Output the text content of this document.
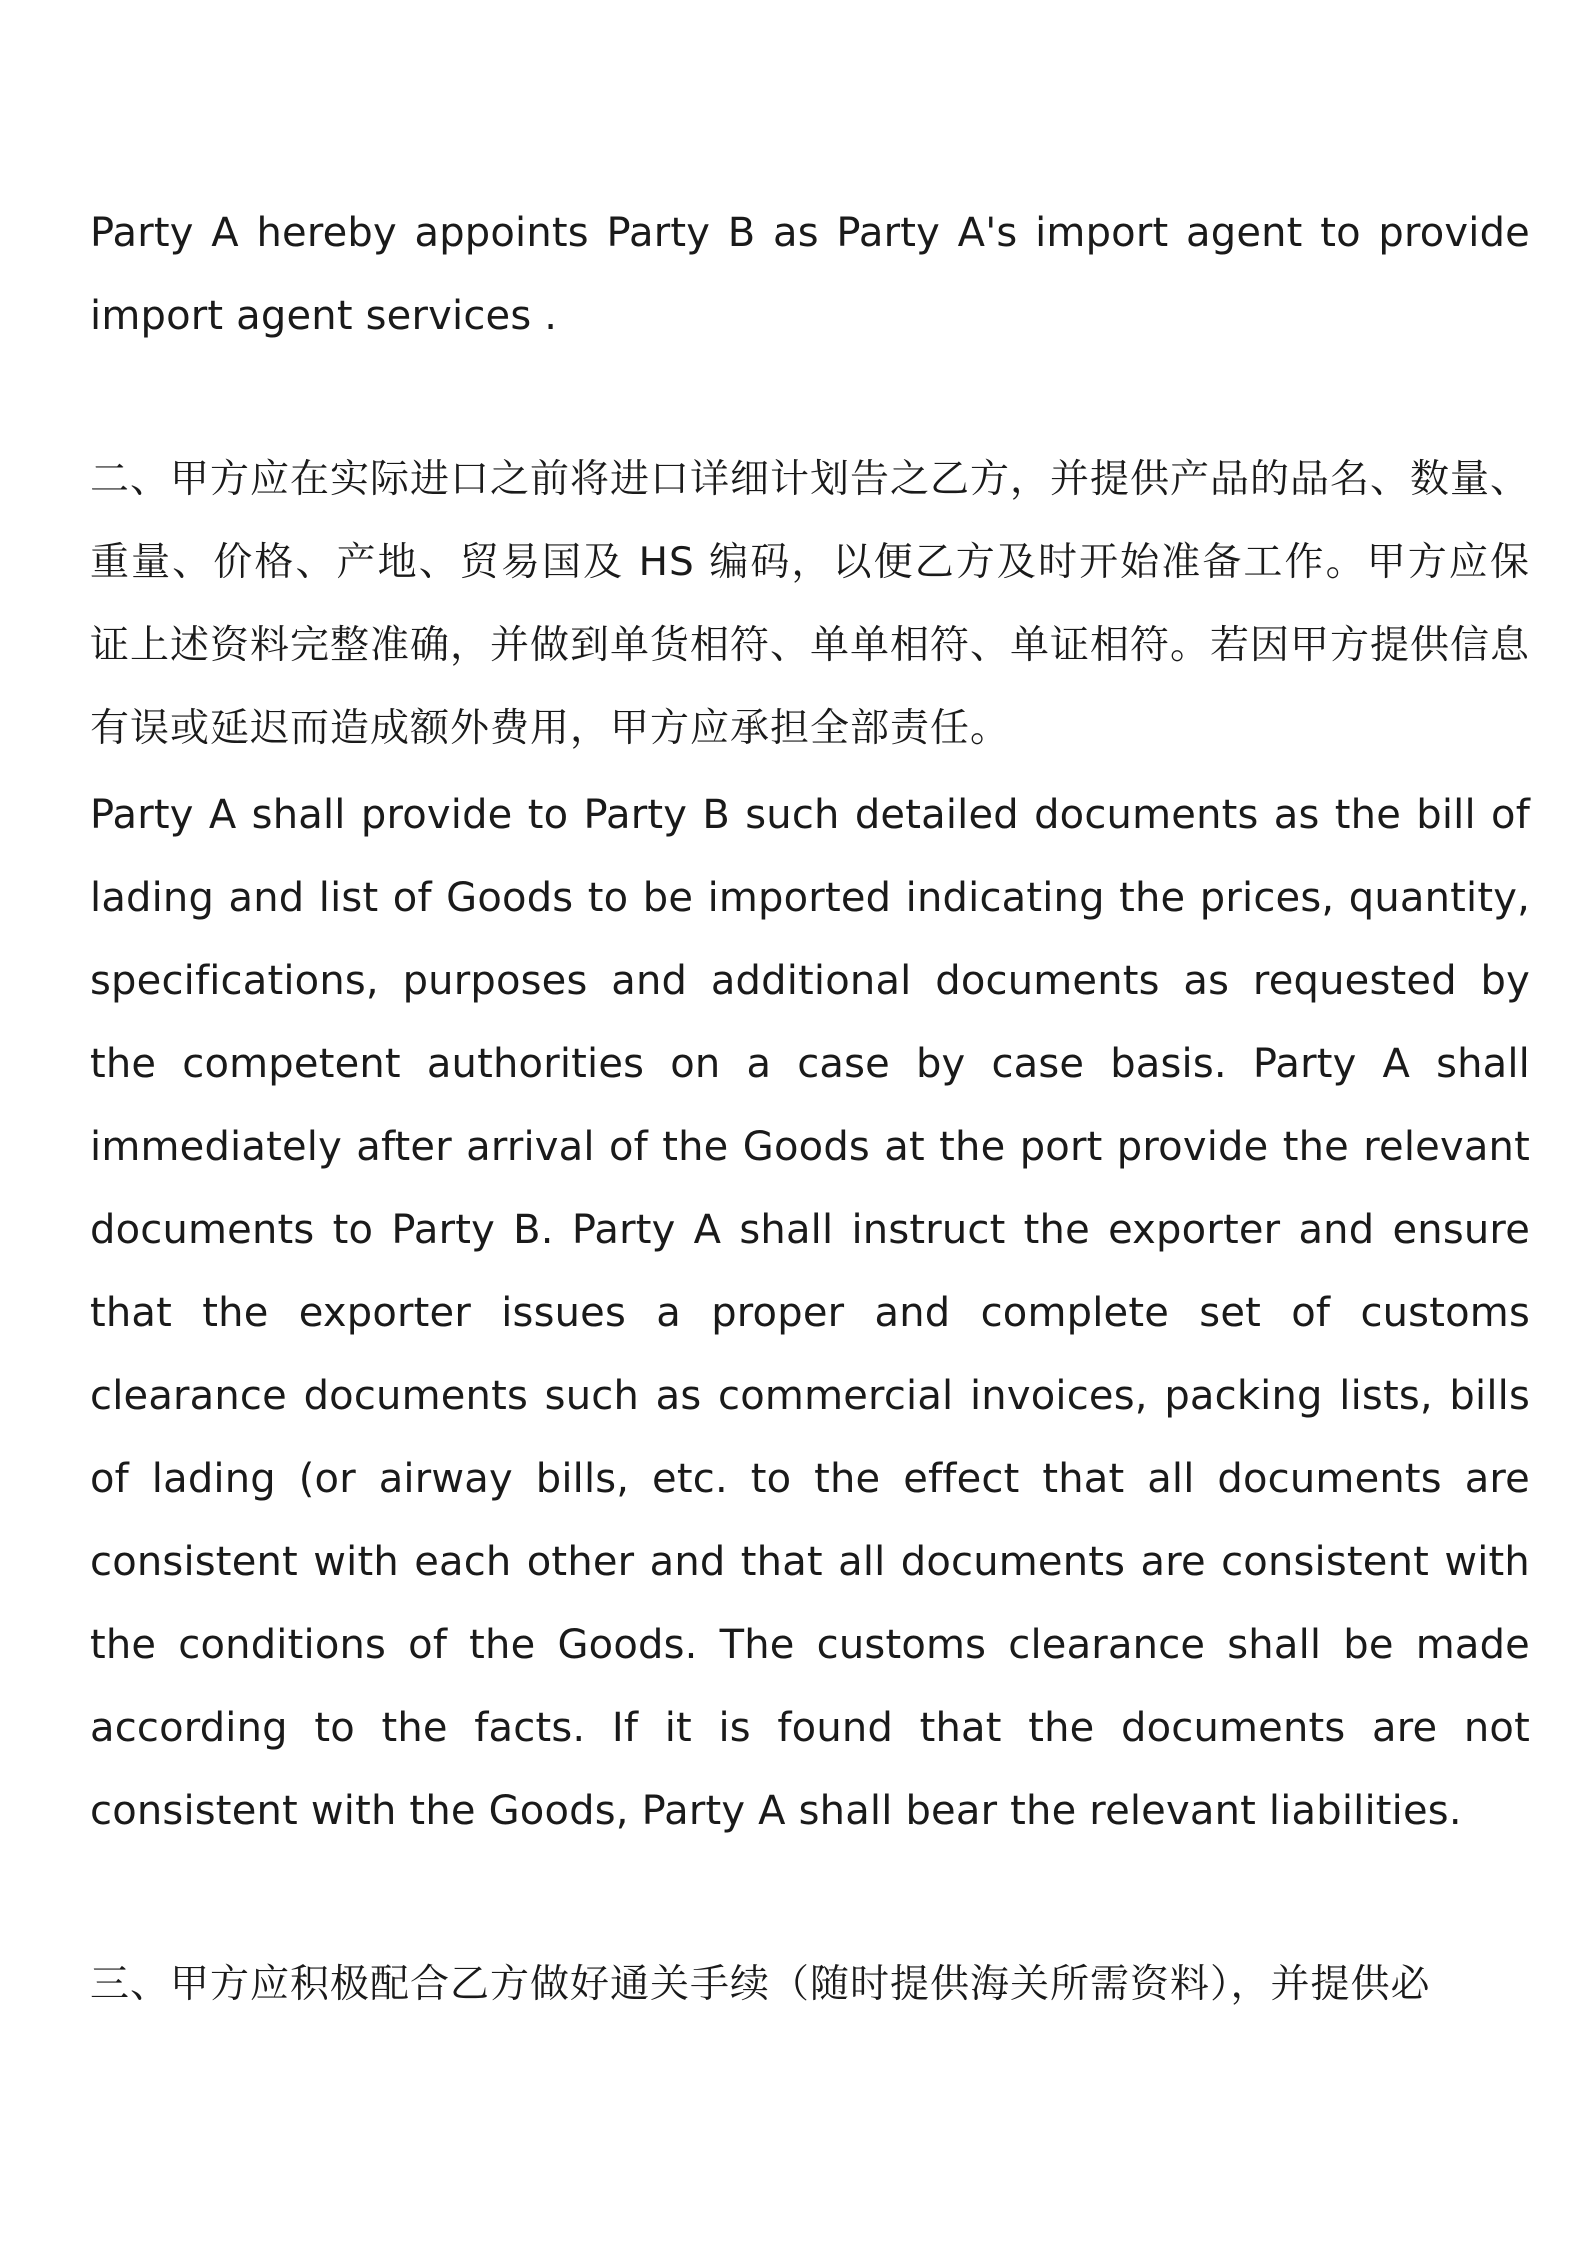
Party A hereby appoints Party B as Party A's import agent to provide import agent services .

二、甲方应在实际进口之前将进口详细计划告之乙方，并提供产品的品名、数量、重量、价格、产地、贸易国及 HS 编码，以便乙方及时开始准备工作。甲方应保证上述资料完整准确，并做到单货相符、单单相符、单证相符。若因甲方提供信息有误或延迟而造成额外费用，甲方应承担全部责任。

Party A shall provide to Party B such detailed documents as the bill of lading and list of Goods to be imported indicating the prices, quantity, specifications, purposes and additional documents as requested by the competent authorities on a case by case basis. Party A shall immediately after arrival of the Goods at the port provide the relevant documents to Party B. Party A shall instruct the exporter and ensure that the exporter issues a proper and complete set of customs clearance documents such as commercial invoices, packing lists, bills of lading (or airway bills, etc. to the effect that all documents are consistent with each other and that all documents are consistent with the conditions of the Goods. The customs clearance shall be made according to the facts. If it is found that the documents are not consistent with the Goods, Party A shall bear the relevant liabilities.

三、甲方应积极配合乙方做好通关手续（随时提供海关所需资料），并提供必
